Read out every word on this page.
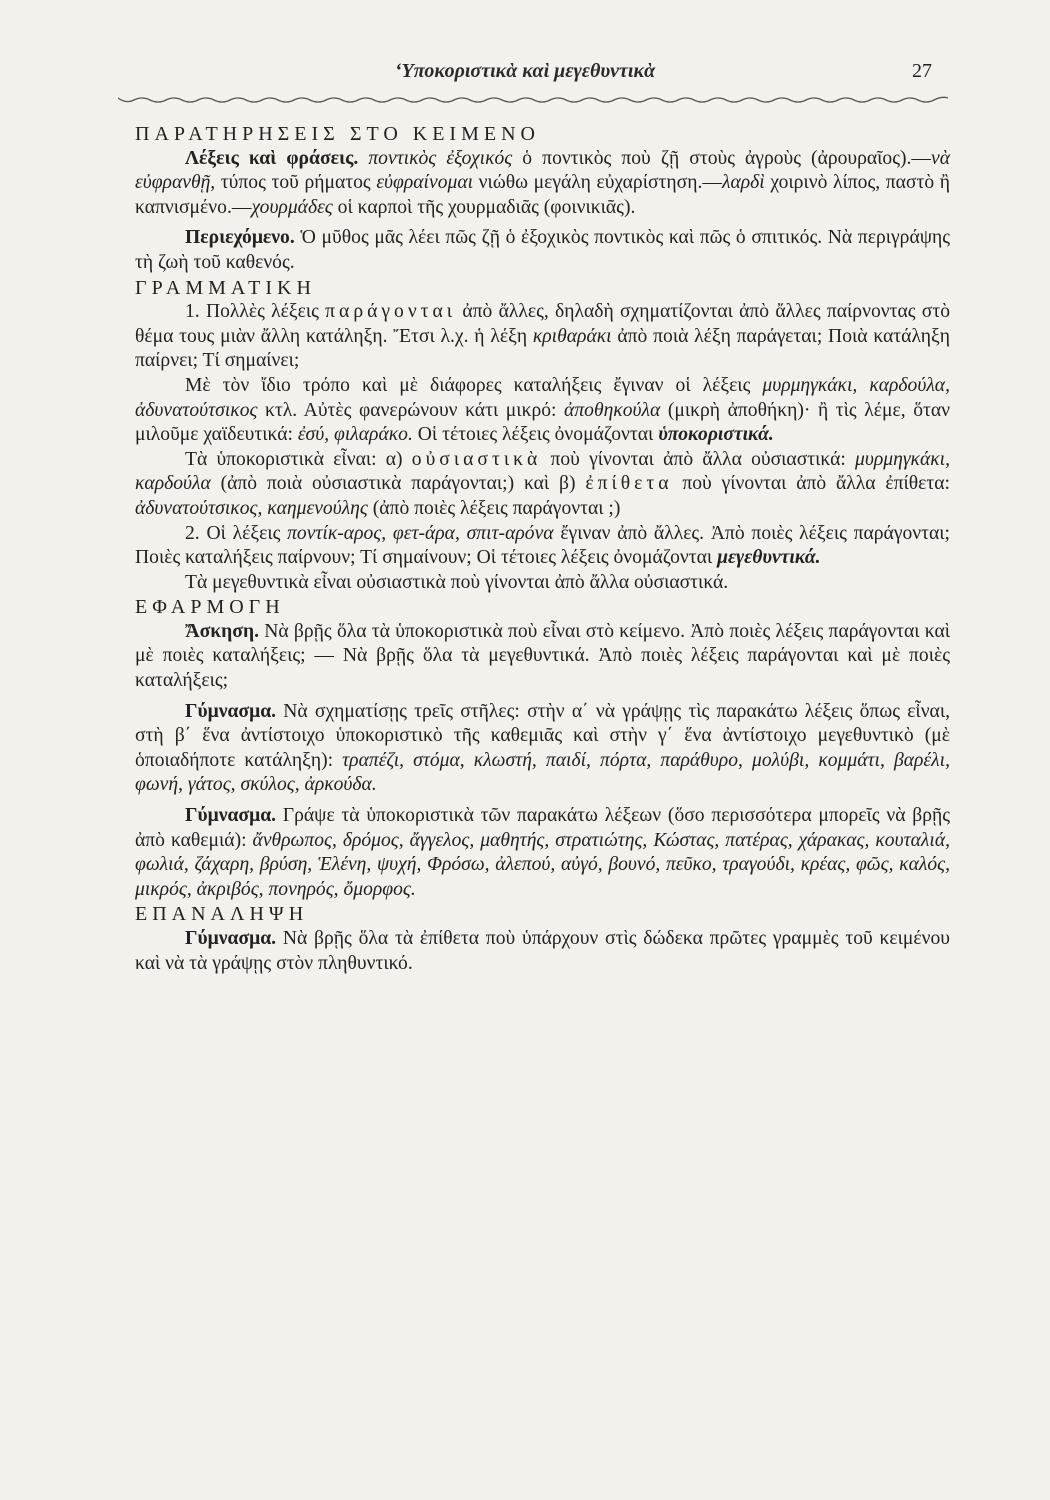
‘Υποκοριστικὰ καὶ μεγεθυντικὰ	27

ΠΑΡΑΤΗΡΗΣΕΙΣ ΣΤΟ ΚΕΙΜΕΝΟ

Λέξεις καὶ φράσεις. ποντικὸς ἐξοχικός ὁ ποντικὸς ποὺ ζῇ στοὺς ἀγροὺς (ἀρουραῖος).—νὰ εὐφρανθῇ, τύπος τοῦ ρήματος εὐφραίνομαι νιώθω μεγάλη εὐχαρίστηση.—λαρδὶ χοιρινὸ λίπος, παστὸ ἢ καπνισμένο.—χουρμάδες οἱ καρποὶ τῆς χουρμαδιᾶς (φοινικιᾶς).

Περιεχόμενο. Ὁ μῦθος μᾶς λέει πῶς ζῇ ὁ ἐξοχικὸς ποντικὸς καὶ πῶς ὁ σπιτικός. Νὰ περιγράψης τὴ ζωὴ τοῦ καθενός.

ΓΡΑΜΜΑΤΙΚΗ

1. Πολλὲς λέξεις παράγονται ἀπὸ ἄλλες, δηλαδὴ σχηματίζονται ἀπὸ ἄλλες παίρνοντας στὸ θέμα τους μιὰν ἄλλη κατάληξη. Ἔτσι λ.χ. ἡ λέξη κριθαράκι ἀπὸ ποιὰ λέξη παράγεται; Ποιὰ κατάληξη παίρνει; Τί σημαίνει;

Μὲ τὸν ἴδιο τρόπο καὶ μὲ διάφορες καταλήξεις ἔγιναν οἱ λέξεις μυρμηγκάκι, καρδούλα, ἀδυνατούτσικος κτλ. Αὐτὲς φανερώνουν κάτι μικρό: ἀποθηκούλα (μικρὴ ἀποθήκη)· ἢ τὶς λέμε, ὅταν μιλοῦμε χαϊδευτικά: ἐσύ, φιλαράκο. Οἱ τέτοιες λέξεις ὀνομάζονται ὑποκοριστικά.

Τὰ ὑποκοριστικὰ εἶναι: α) οὐσιαστικὰ ποὺ γίνονται ἀπὸ ἄλλα οὐσιαστικά: μυρμηγκάκι, καρδούλα (ἀπὸ ποιὰ οὐσιαστικὰ παράγονται;) καὶ β) ἐπίθετα ποὺ γίνονται ἀπὸ ἄλλα ἐπίθετα: ἀδυνατούτσικος, καημενούλης (ἀπὸ ποιὲς λέξεις παράγονται ;)

2. Οἱ λέξεις ποντίκ-αρος, φετ-άρα, σπιτ-αρόνα ἔγιναν ἀπὸ ἄλλες. Ἀπὸ ποιὲς λέξεις παράγονται; Ποιὲς καταλήξεις παίρνουν; Τί σημαίνουν; Οἱ τέτοιες λέξεις ὀνομάζονται μεγεθυντικά.

Τὰ μεγεθυντικὰ εἶναι οὐσιαστικὰ ποὺ γίνονται ἀπὸ ἄλλα οὐσιαστικά.

ΕΦΑΡΜΟΓΗ

Ἄσκηση. Νὰ βρῇς ὅλα τὰ ὑποκοριστικὰ ποὺ εἶναι στὸ κείμενο. Ἀπὸ ποιὲς λέξεις παράγονται καὶ μὲ ποιὲς καταλήξεις; — Νὰ βρῇς ὅλα τὰ μεγεθυντικά. Ἀπὸ ποιὲς λέξεις παράγονται καὶ μὲ ποιὲς καταλήξεις;

Γύμνασμα. Νὰ σχηματίσῃς τρεῖς στῆλες: στὴν α΄ νὰ γράψῃς τὶς παρακάτω λέξεις ὅπως εἶναι, στὴ β΄ ἕνα ἀντίστοιχο ὑποκοριστικὸ τῆς καθεμιᾶς καὶ στὴν γ΄ ἕνα ἀντίστοιχο μεγεθυντικὸ (μὲ ὁποιαδήποτε κατάληξη): τραπέζι, στόμα, κλωστή, παιδί, πόρτα, παράθυρο, μολύβι, κομμάτι, βαρέλι, φωνή, γάτος, σκύλος, ἀρκούδα.

Γύμνασμα. Γράψε τὰ ὑποκοριστικὰ τῶν παρακάτω λέξεων (ὅσο περισσότερα μπορεῖς νὰ βρῇς ἀπὸ καθεμιά): ἄνθρωπος, δρόμος, ἄγγελος, μαθητής, στρατιώτης, Κώστας, πατέρας, χάρακας, κουταλιά, φωλιά, ζάχαρη, βρύση, Ἑλένη, ψυχή, Φρόσω, ἀλεπού, αὐγό, βουνό, πεῦκο, τραγούδι, κρέας, φῶς, καλός, μικρός, ἀκριβός, πονηρός, ὄμορφος.

ΕΠΑΝΑΛΗΨΗ

Γύμνασμα. Νὰ βρῇς ὅλα τὰ ἐπίθετα ποὺ ὑπάρχουν στὶς δώδεκα πρῶτες γραμμὲς τοῦ κειμένου καὶ νὰ τὰ γράψῃς στὸν πληθυντικό.
